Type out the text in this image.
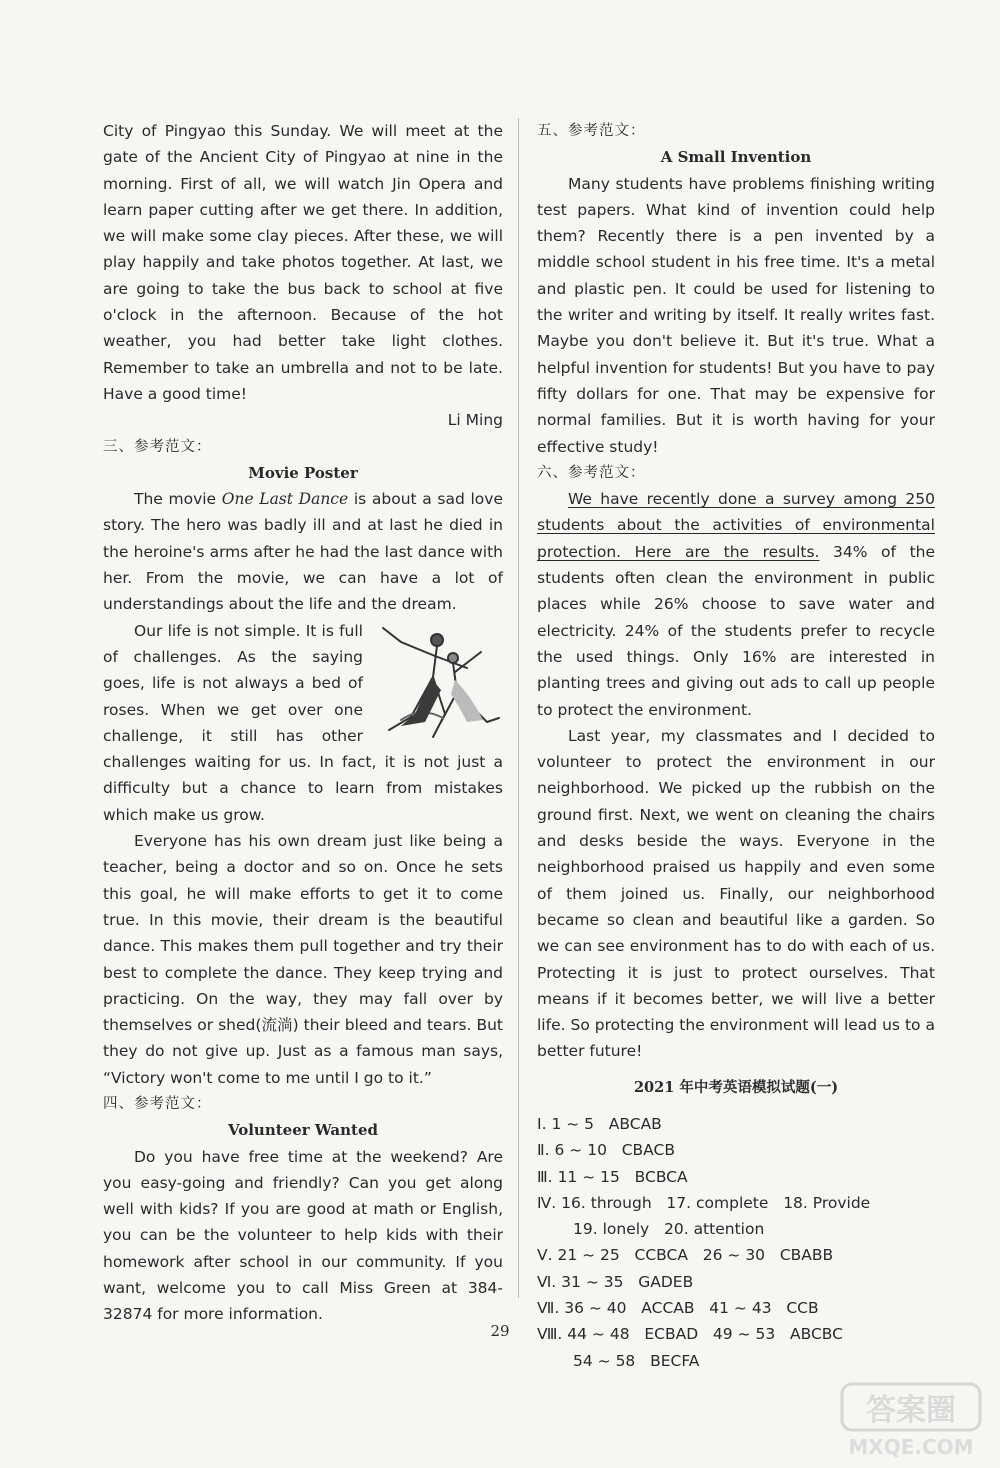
· · · ·

City of Pingyao this Sunday. We will meet at the gate of the Ancient City of Pingyao at nine in the morning. First of all, we will watch Jin Opera and learn paper cutting after we get there. In addition, we will make some clay pieces. After these, we will play happily and take photos together. At last, we are going to take the bus back to school at five o'clock in the afternoon. Because of the hot weather, you had better take light clothes. Remember to take an umbrella and not to be late. Have a good time!

Li Ming

三、参考范文：

Movie Poster

The movie One Last Dance is about a sad love story. The hero was badly ill and at last he died in the heroine's arms after he had the last dance with her. From the movie, we can have a lot of understandings about the life and the dream.

Our life is not simple. It is full of challenges. As the saying goes, life is not always a bed of roses. When we get over one challenge, it still has other challenges waiting for us. In fact, it is not just a difficulty but a chance to learn from mistakes which make us grow.

Everyone has his own dream just like being a teacher, being a doctor and so on. Once he sets this goal, he will make efforts to get it to come true. In this movie, their dream is the beautiful dance. This makes them pull together and try their best to complete the dance. They keep trying and practicing. On the way, they may fall over by themselves or shed(流淌) their bleed and tears. But they do not give up. Just as a famous man says, “Victory won't come to me until I go to it.”

四、参考范文：

Volunteer Wanted

Do you have free time at the weekend? Are you easy-going and friendly? Can you get along well with kids? If you are good at math or English, you can be the volunteer to help kids with their homework after school in our community. If you want, welcome you to call Miss Green at 384-32874 for more information.

五、参考范文：

A Small Invention

Many students have problems finishing writing test papers. What kind of invention could help them? Recently there is a pen invented by a middle school student in his free time. It's a metal and plastic pen. It could be used for listening to the writer and writing by itself. It really writes fast. Maybe you don't believe it. But it's true. What a helpful invention for students! But you have to pay fifty dollars for one. That may be expensive for normal families. But it is worth having for your effective study!

六、参考范文：

We have recently done a survey among 250 students about the activities of environmental protection. Here are the results. 34% of the students often clean the environment in public places while 26% choose to save water and electricity. 24% of the students prefer to recycle the used things. Only 16% are interested in planting trees and giving out ads to call up people to protect the environment.

Last year, my classmates and I decided to volunteer to protect the environment in our neighborhood. We picked up the rubbish on the ground first. Next, we went on cleaning the chairs and desks beside the ways. Everyone in the neighborhood praised us happily and even some of them joined us. Finally, our neighborhood became so clean and beautiful like a garden. So we can see environment has to do with each of us. Protecting it is just to protect ourselves. That means if it becomes better, we will live a better life. So protecting the environment will lead us to a better future!

2021 年中考英语模拟试题(一)

Ⅰ. 1 ~ 5   ABCAB

Ⅱ. 6 ~ 10   CBACB

Ⅲ. 11 ~ 15   BCBCA

Ⅳ. 16. through   17. complete   18. Provide

19. lonely   20. attention

Ⅴ. 21 ~ 25   CCBCA   26 ~ 30   CBABB

Ⅵ. 31 ~ 35   GADEB

Ⅶ. 36 ~ 40   ACCAB   41 ~ 43   CCB

Ⅷ. 44 ~ 48   ECBAD   49 ~ 53   ABCBC

54 ~ 58   BECFA

29
答案圈
MXQE.COM
